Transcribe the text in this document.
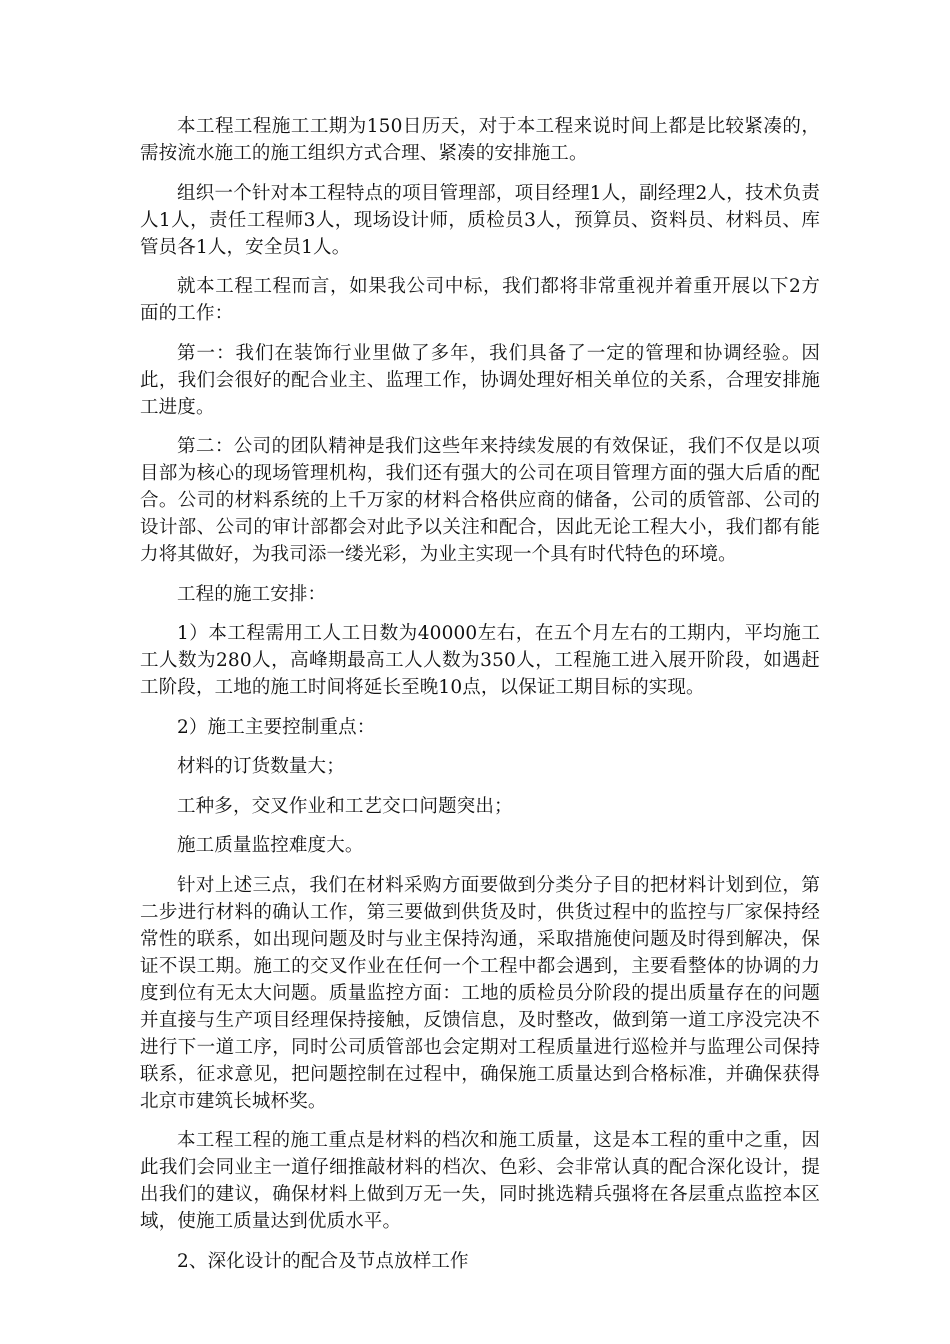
本工程工程施工工期为150日历天，对于本工程来说时间上都是比较紧凑的，需按流水施工的施工组织方式合理、紧凑的安排施工。

组织一个针对本工程特点的项目管理部，项目经理1人，副经理2人，技术负责人1人，责任工程师3人，现场设计师，质检员3人，预算员、资料员、材料员、库管员各1人，安全员1人。

就本工程工程而言，如果我公司中标，我们都将非常重视并着重开展以下2方面的工作：

第一：我们在装饰行业里做了多年，我们具备了一定的管理和协调经验。因此，我们会很好的配合业主、监理工作，协调处理好相关单位的关系，合理安排施工进度。

第二：公司的团队精神是我们这些年来持续发展的有效保证，我们不仅是以项目部为核心的现场管理机构，我们还有强大的公司在项目管理方面的强大后盾的配合。公司的材料系统的上千万家的材料合格供应商的储备，公司的质管部、公司的设计部、公司的审计部都会对此予以关注和配合，因此无论工程大小，我们都有能力将其做好，为我司添一缕光彩，为业主实现一个具有时代特色的环境。

工程的施工安排：

1）本工程需用工人工日数为40000左右，在五个月左右的工期内，平均施工工人数为280人，高峰期最高工人人数为350人，工程施工进入展开阶段，如遇赶工阶段，工地的施工时间将延长至晚10点，以保证工期目标的实现。

2）施工主要控制重点：

材料的订货数量大；

工种多，交叉作业和工艺交口问题突出；

施工质量监控难度大。

针对上述三点，我们在材料采购方面要做到分类分子目的把材料计划到位，第二步进行材料的确认工作，第三要做到供货及时，供货过程中的监控与厂家保持经常性的联系，如出现问题及时与业主保持沟通，采取措施使问题及时得到解决，保证不误工期。施工的交叉作业在任何一个工程中都会遇到，主要看整体的协调的力度到位有无太大问题。质量监控方面：工地的质检员分阶段的提出质量存在的问题并直接与生产项目经理保持接触，反馈信息，及时整改，做到第一道工序没完决不进行下一道工序，同时公司质管部也会定期对工程质量进行巡检并与监理公司保持联系，征求意见，把问题控制在过程中，确保施工质量达到合格标准，并确保获得北京市建筑长城杯奖。

本工程工程的施工重点是材料的档次和施工质量，这是本工程的重中之重，因此我们会同业主一道仔细推敲材料的档次、色彩、会非常认真的配合深化设计，提出我们的建议，确保材料上做到万无一失，同时挑选精兵强将在各层重点监控本区域，使施工质量达到优质水平。

2、深化设计的配合及节点放样工作
